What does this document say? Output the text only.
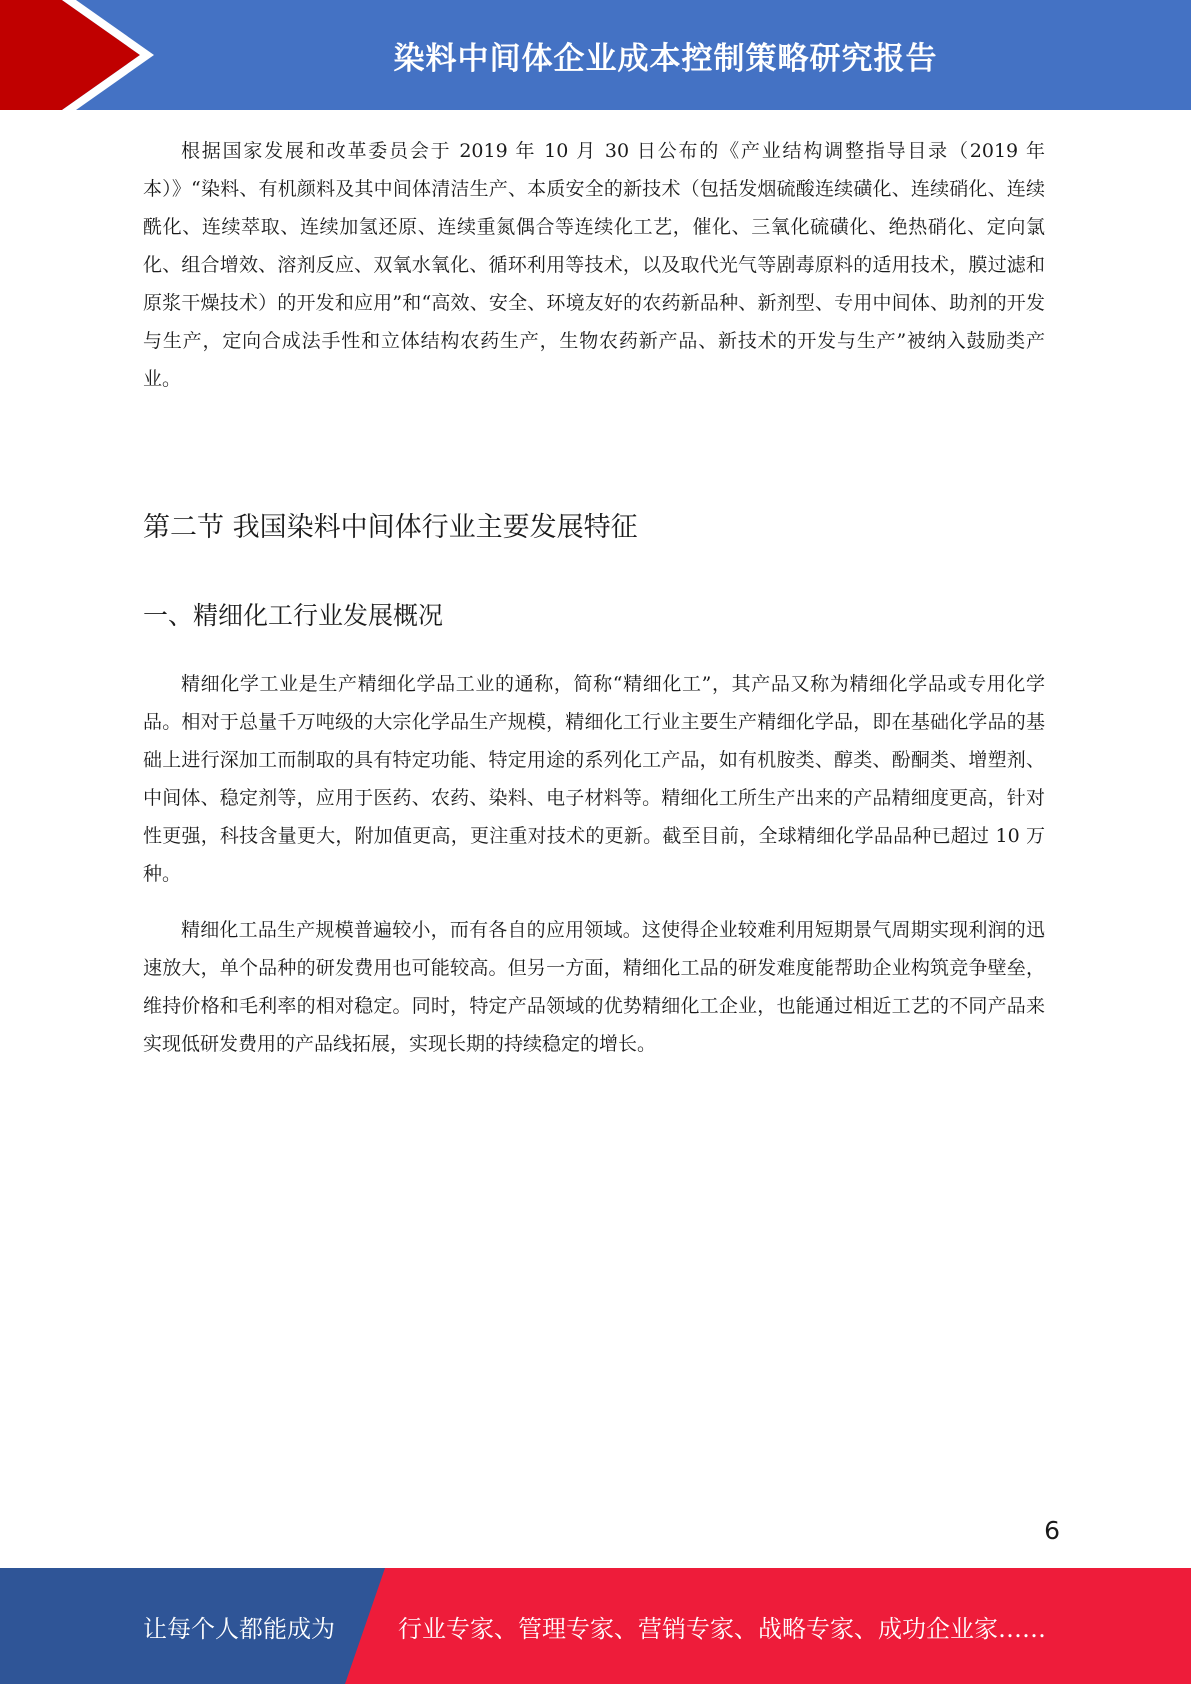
染料中间体企业成本控制策略研究报告

根据国家发展和改革委员会于 2019 年 10 月 30 日公布的《产业结构调整指导目录（2019 年本）》“染料、有机颜料及其中间体清洁生产、本质安全的新技术（包括发烟硫酸连续磺化、连续硝化、连续酰化、连续萃取、连续加氢还原、连续重氮偶合等连续化工艺，催化、三氧化硫磺化、绝热硝化、定向氯化、组合增效、溶剂反应、双氧水氧化、循环利用等技术，以及取代光气等剧毒原料的适用技术，膜过滤和原浆干燥技术）的开发和应用”和“高效、安全、环境友好的农药新品种、新剂型、专用中间体、助剂的开发与生产，定向合成法手性和立体结构农药生产，生物农药新产品、新技术的开发与生产”被纳入鼓励类产业。

第二节 我国染料中间体行业主要发展特征
一、精细化工行业发展概况

精细化学工业是生产精细化学品工业的通称，简称“精细化工”，其产品又称为精细化学品或专用化学品。相对于总量千万吨级的大宗化学品生产规模，精细化工行业主要生产精细化学品，即在基础化学品的基础上进行深加工而制取的具有特定功能、特定用途的系列化工产品，如有机胺类、醇类、酚酮类、增塑剂、中间体、稳定剂等，应用于医药、农药、染料、电子材料等。精细化工所生产出来的产品精细度更高，针对性更强，科技含量更大，附加值更高，更注重对技术的更新。截至目前，全球精细化学品品种已超过 10 万种。

精细化工品生产规模普遍较小，而有各自的应用领域。这使得企业较难利用短期景气周期实现利润的迅速放大，单个品种的研发费用也可能较高。但另一方面，精细化工品的研发难度能帮助企业构筑竞争壁垒，维持价格和毛利率的相对稳定。同时，特定产品领域的优势精细化工企业，也能通过相近工艺的不同产品来实现低研发费用的产品线拓展，实现长期的持续稳定的增长。

6
让每个人都能成为	行业专家、管理专家、营销专家、战略专家、成功企业家……
